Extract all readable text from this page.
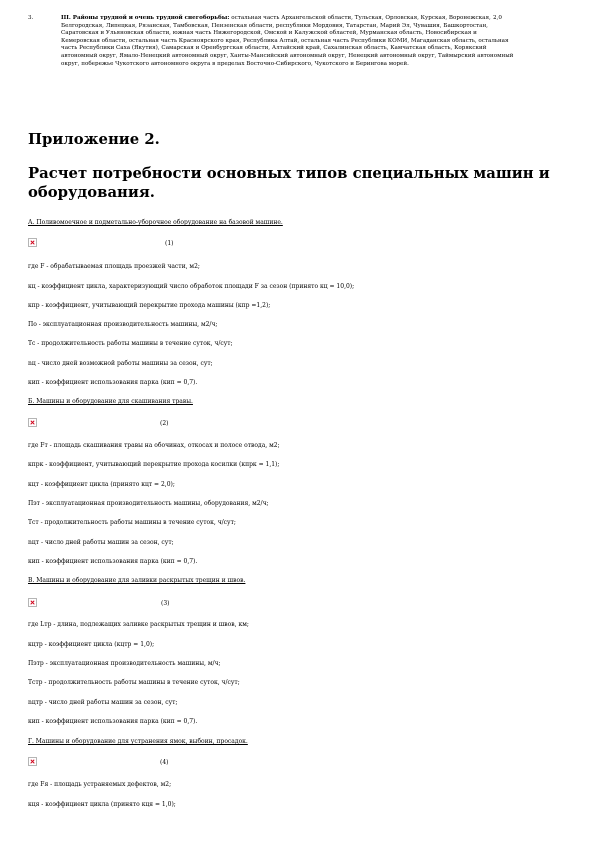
3.	III. Районы трудной и очень трудной снегоборьбы: остальная часть Архангельской области, Тульская, Орловская, Курская, Воронежская, Белгородская, Липецкая, Рязанская, Тамбовская, Пензенская области, республики Мордовия, Татарстан, Марий Эл, Чувашия, Башкортостан, Саратовская и Ульяновская области, южная часть Нижегородской, Омской и Калужской областей, Мурманская область, Новосибирская и Кемеровская области, остальная часть Красноярского края, Республика Алтай, остальная часть Республики КОМИ, Магаданская область, остальная часть Республики Саха (Якутия), Самарская и Оренбургская области, Алтайский край, Сахалинская область, Камчатская область, Корякский автономный округ, Ямало-Ненецкий автономный округ, Ханты-Мансийский автономный округ, Ненецкий автономный округ, Таймырский автономный округ, побережье Чукотского автономного округа в пределах Восточно-Сибирского, Чукотского и Берингова морей.
2,0
Приложение 2.
Расчет потребности основных типов специальных машин и оборудования.
А. Поливомоечное и подметально-уборочное оборудование на базовой машине.
(1)
где F - обрабатываемая площадь проезжей части, м2;
кц - коэффициент цикла, характеризующий число обработок площади F за сезон (принято кц = 10,0);
кпр - коэффициент, учитывающий перекрытие прохода машины (кпр =1,2);
По - эксплуатационная производительность машины, м2/ч;
Тс - продолжительность работы машины в течение суток, ч/сут;
nц - число дней возможной работы машины за сезон, сут;
кип - коэффициент использования парка (кип = 0,7).
Б. Машины и оборудование для скашивания травы.
(2)
где Fт - площадь скашивания травы на обочинах, откосах и полосе отвода, м2;
кпрк - коэффициент, учитывающий перекрытие прохода косилки (кпрк = 1,1);
кцт - коэффициент цикла (принято кцт = 2,0);
Пэт - эксплуатационная производительность машины, оборудования, м2/ч;
Тст - продолжительность работы машины в течение суток, ч/сут;
nцт - число дней работы машин за сезон, сут;
кип - коэффициент использования парка (кип = 0,7).
В. Машины и оборудование для заливки раскрытых трещин и швов.
(3)
где Lтр - длина, подлежащих заливке раскрытых трещин и швов, км;
кцтр - коэффициент цикла (кцтр = 1,0);
Пэтр - эксплуатационная производительность машины, м/ч;
Тстр - продолжительность работы машины в течение суток, ч/сут;
nцтр - число дней работы машин за сезон, сут;
кип - коэффициент использования парка (кип = 0,7).
Г. Машины и оборудование для устранения ямок, выбоин, просадок.
(4)
где Fя - площадь устраняемых дефектов, м2;
кця - коэффициент цикла (принято кця = 1,0);
